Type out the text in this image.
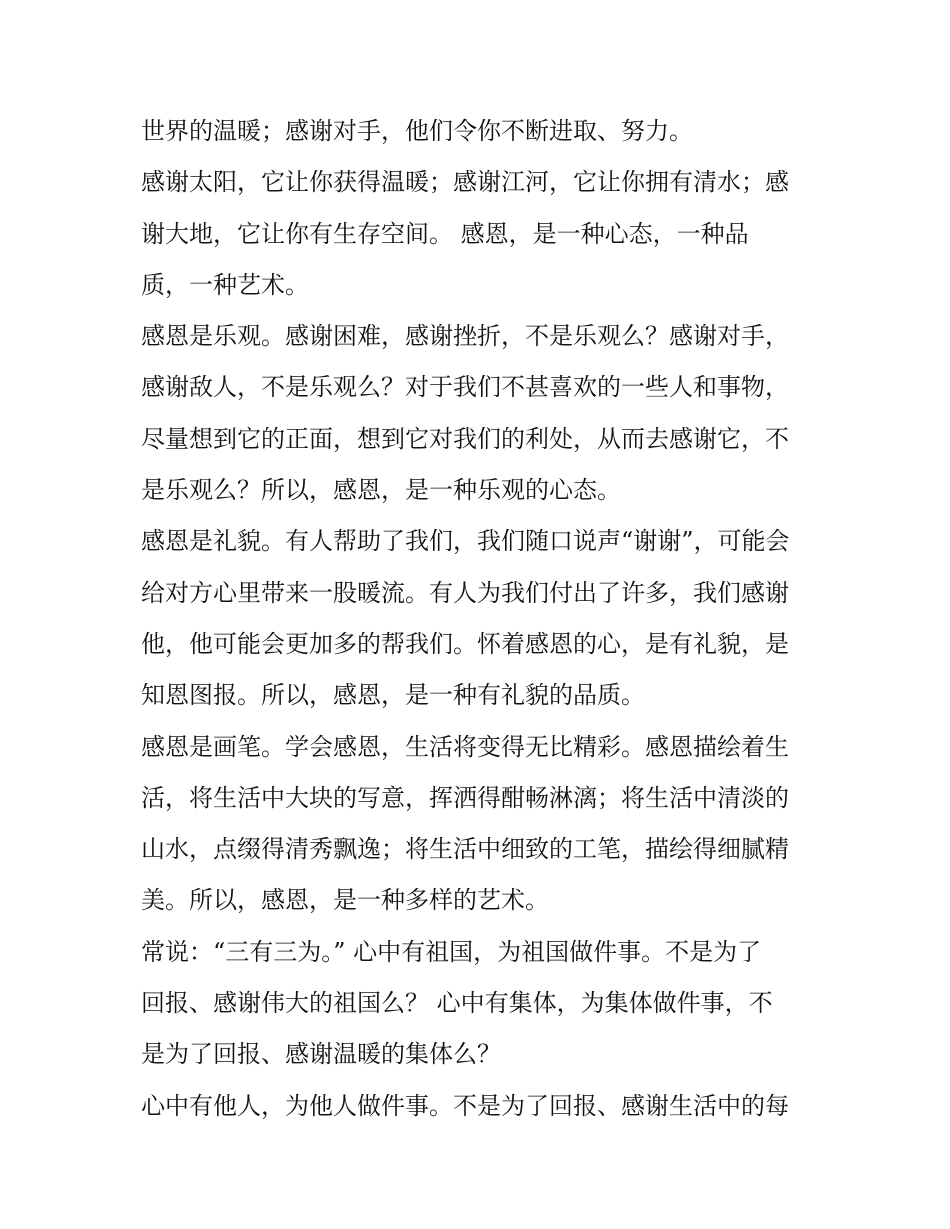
世界的温暖；感谢对手，他们令你不断进取、努力。
感谢太阳，它让你获得温暖；感谢江河，它让你拥有清水；感
谢大地，它让你有生存空间。 感恩，是一种心态，一种品
质，一种艺术。
感恩是乐观。感谢困难，感谢挫折，不是乐观么？感谢对手，
感谢敌人，不是乐观么？对于我们不甚喜欢的一些人和事物，
尽量想到它的正面，想到它对我们的利处，从而去感谢它，不
是乐观么？所以，感恩，是一种乐观的心态。
感恩是礼貌。有人帮助了我们，我们随口说声“谢谢”，可能会
给对方心里带来一股暖流。有人为我们付出了许多，我们感谢
他，他可能会更加多的帮我们。怀着感恩的心，是有礼貌，是
知恩图报。所以，感恩，是一种有礼貌的品质。
感恩是画笔。学会感恩，生活将变得无比精彩。感恩描绘着生
活，将生活中大块的写意，挥洒得酣畅淋漓；将生活中清淡的
山水，点缀得清秀飘逸；将生活中细致的工笔，描绘得细腻精
美。所以，感恩，是一种多样的艺术。
常说：“三有三为。” 心中有祖国，为祖国做件事。不是为了
回报、感谢伟大的祖国么？ 心中有集体，为集体做件事，不
是为了回报、感谢温暖的集体么？
心中有他人，为他人做件事。不是为了回报、感谢生活中的每
